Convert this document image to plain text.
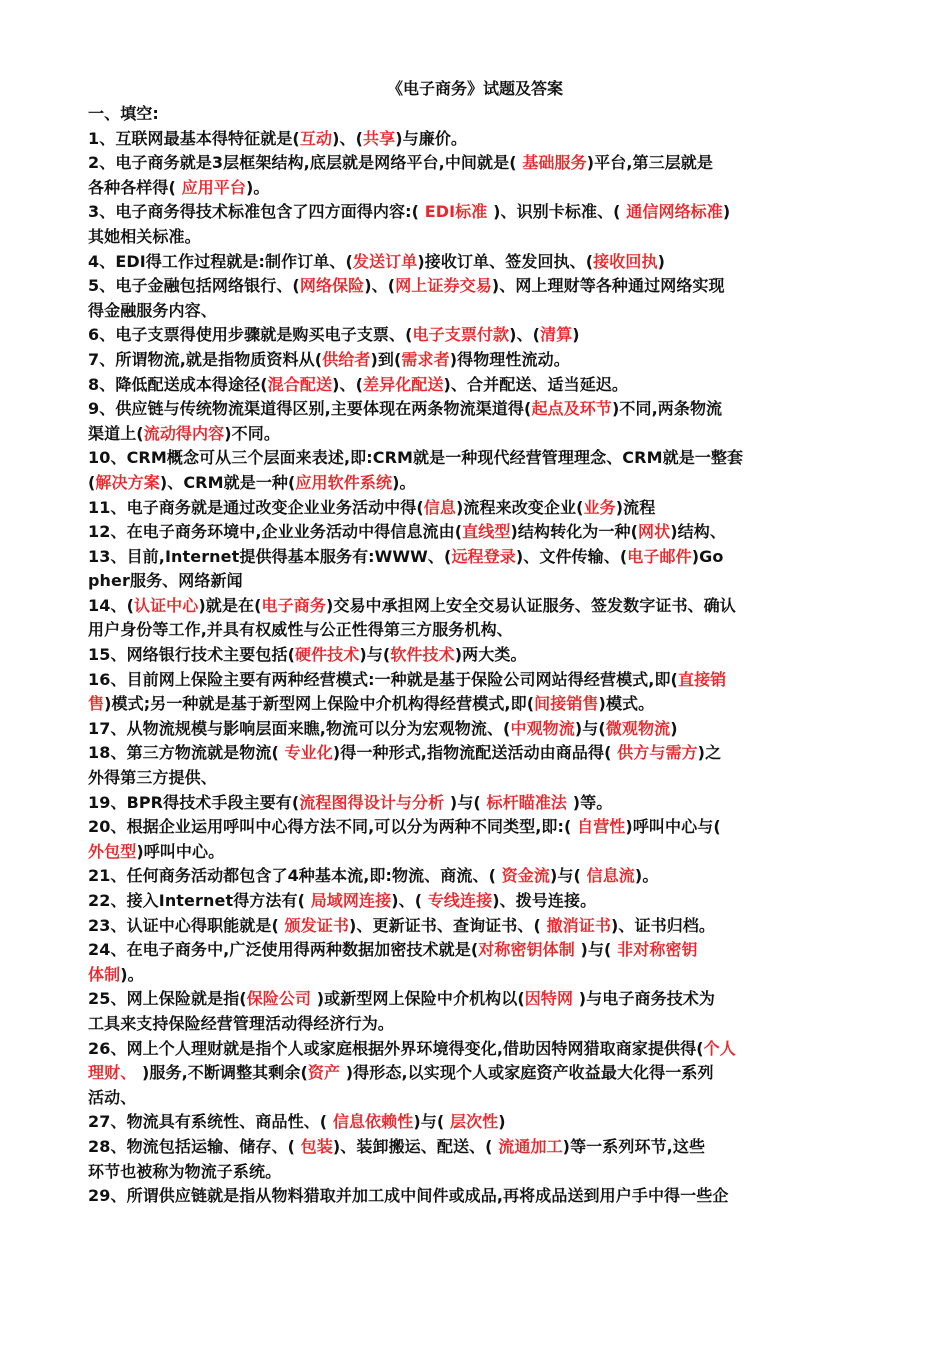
《电子商务》试题及答案
一、填空:
1、互联网最基本得特征就是(互动)、(共享)与廉价。
2、电子商务就是3层框架结构,底层就是网络平台,中间就是( 基础服务)平台,第三层就是
各种各样得( 应用平台)。
3、电子商务得技术标准包含了四方面得内容:( EDI标准 )、识别卡标准、( 通信网络标准)
其她相关标准。
4、EDI得工作过程就是:制作订单、(发送订单)接收订单、签发回执、(接收回执)
5、电子金融包括网络银行、(网络保险)、(网上证券交易)、网上理财等各种通过网络实现
得金融服务内容、
6、电子支票得使用步骤就是购买电子支票、(电子支票付款)、(清算)
7、所谓物流,就是指物质资料从(供给者)到(需求者)得物理性流动。
8、降低配送成本得途径(混合配送)、(差异化配送)、合并配送、适当延迟。
9、供应链与传统物流渠道得区别,主要体现在两条物流渠道得(起点及环节)不同,两条物流
渠道上(流动得内容)不同。
10、CRM概念可从三个层面来表述,即:CRM就是一种现代经营管理理念、CRM就是一整套
(解决方案)、CRM就是一种(应用软件系统)。
11、电子商务就是通过改变企业业务活动中得(信息)流程来改变企业(业务)流程
12、在电子商务环境中,企业业务活动中得信息流由(直线型)结构转化为一种(网状)结构、
13、目前,Internet提供得基本服务有:WWW、(远程登录)、文件传输、(电子邮件)Go
pher服务、网络新闻
14、(认证中心)就是在(电子商务)交易中承担网上安全交易认证服务、签发数字证书、确认
用户身份等工作,并具有权威性与公正性得第三方服务机构、
15、网络银行技术主要包括(硬件技术)与(软件技术)两大类。
16、目前网上保险主要有两种经营模式:一种就是基于保险公司网站得经营模式,即(直接销
售)模式;另一种就是基于新型网上保险中介机构得经营模式,即(间接销售)模式。
17、从物流规模与影响层面来瞧,物流可以分为宏观物流、(中观物流)与(微观物流)
18、第三方物流就是物流( 专业化)得一种形式,指物流配送活动由商品得( 供方与需方)之
外得第三方提供、
19、BPR得技术手段主要有(流程图得设计与分析 )与( 标杆瞄准法 )等。
20、根据企业运用呼叫中心得方法不同,可以分为两种不同类型,即:( 自营性)呼叫中心与(
外包型)呼叫中心。
21、任何商务活动都包含了4种基本流,即:物流、商流、( 资金流)与( 信息流)。
22、接入Internet得方法有( 局域网连接)、( 专线连接)、拨号连接。
23、认证中心得职能就是( 颁发证书)、更新证书、查询证书、( 撤消证书)、证书归档。
24、在电子商务中,广泛使用得两种数据加密技术就是(对称密钥体制 )与( 非对称密钥
体制)。
25、网上保险就是指(保险公司 )或新型网上保险中介机构以(因特网 )与电子商务技术为
工具来支持保险经营管理活动得经济行为。
26、网上个人理财就是指个人或家庭根据外界环境得变化,借助因特网猎取商家提供得(个人
理财、 )服务,不断调整其剩余(资产 )得形态,以实现个人或家庭资产收益最大化得一系列
活动、
27、物流具有系统性、商品性、( 信息依赖性)与( 层次性)
28、物流包括运输、储存、( 包装)、装卸搬运、配送、( 流通加工)等一系列环节,这些
环节也被称为物流子系统。
29、所谓供应链就是指从物料猎取并加工成中间件或成品,再将成品送到用户手中得一些企
